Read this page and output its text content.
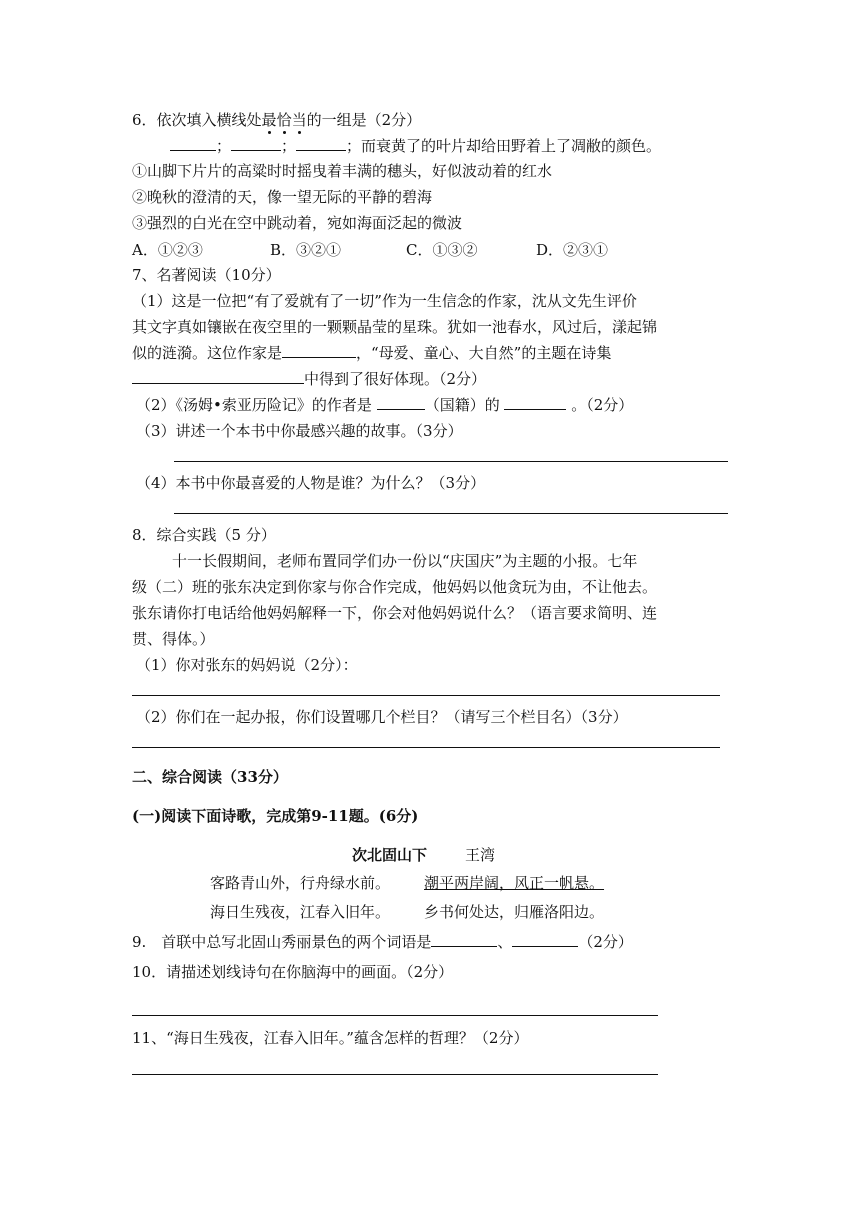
6．依次填入横线处最恰当的一组是（2分）
；	；	；而衰黄了的叶片却给田野着上了凋敝的颜色。
①山脚下片片的高粱时时摇曳着丰满的穗头，好似波动着的红水
②晚秋的澄清的天，像一望无际的平静的碧海
③强烈的白光在空中跳动着，宛如海面泛起的微波
A．①②③	B．③②①	C．①③②	D．②③①
7、名著阅读（10分）
（1）这是一位把“有了爱就有了一切”作为一生信念的作家，沈从文先生评价
其文字真如镶嵌在夜空里的一颗颗晶莹的星珠。犹如一池春水，风过后，漾起锦
似的涟漪。这位作家是	，“母爱、童心、大自然”的主题在诗集
中得到了很好体现。（2分）
（2）《汤姆•索亚历险记》的作者是	（国籍）的	。（2分）
（3）讲述一个本书中你最感兴趣的故事。（3分）
（4）本书中你最喜爱的人物是谁？为什么？（3分）
8．综合实践（5 分）
十一长假期间，老师布置同学们办一份以“庆国庆”为主题的小报。七年
级（二）班的张东决定到你家与你合作完成，他妈妈以他贪玩为由，不让他去。
张东请你打电话给他妈妈解释一下，你会对他妈妈说什么？（语言要求简明、连
贯、得体。）
（1）你对张东的妈妈说（2分）：
（2）你们在一起办报，你们设置哪几个栏目？（请写三个栏目名）（3分）
二、综合阅读（33分）
(一)阅读下面诗歌，完成第9-11题。(6分)
次北固山下	王湾
客路青山外，行舟绿水前。 潮平两岸阔，风正一帆悬。
海日生残夜，江春入旧年。 乡书何处达，归雁洛阳边。
9.　首联中总写北固山秀丽景色的两个词语是	、	（2分）
10．请描述划线诗句在你脑海中的画面。（2分）
11、“海日生残夜，江春入旧年。”蕴含怎样的哲理？（2分）
